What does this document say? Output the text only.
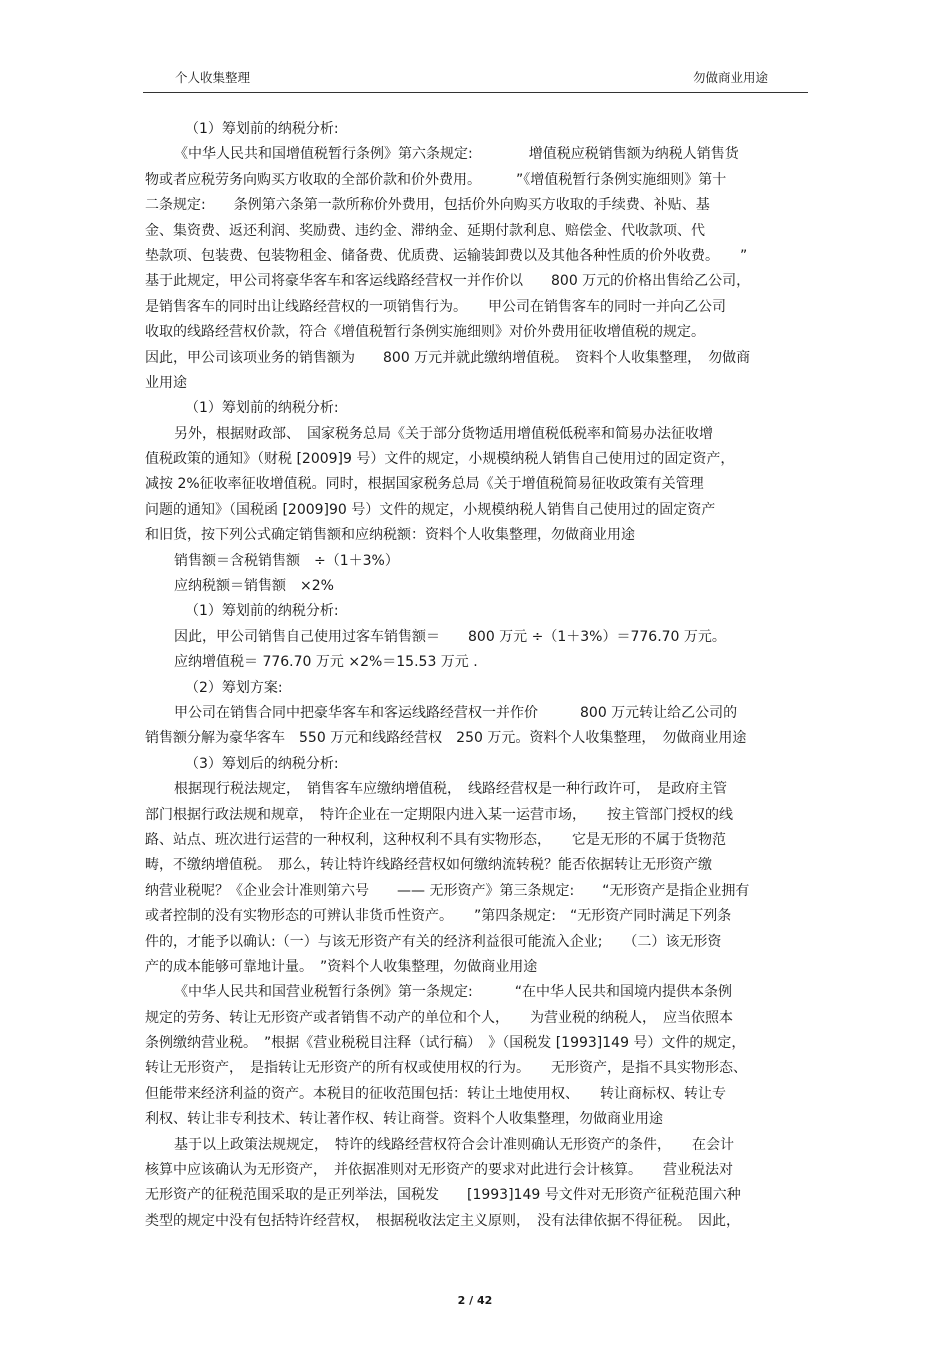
个人收集整理	勿做商业用途
（1）筹划前的纳税分析:
《中华人民共和国增值税暂行条例》第六条规定:　　　　增值税应税销售额为纳税人销售货
物或者应税劳务向购买方收取的全部价款和价外费用。　　　”《增值税暂行条例实施细则》第十
二条规定:　　条例第六条第一款所称价外费用，包括价外向购买方收取的手续费、补贴、基
金、集资费、返还利润、奖励费、违约金、滞纳金、延期付款利息、赔偿金、代收款项、代
垫款项、包装费、包装物租金、储备费、优质费、运输装卸费以及其他各种性质的价外收费。　　”
基于此规定，甲公司将豪华客车和客运线路经营权一并作价以　　800 万元的价格出售给乙公司，
是销售客车的同时出让线路经营权的一项销售行为。　　甲公司在销售客车的同时一并向乙公司
收取的线路经营权价款，符合《增值税暂行条例实施细则》对价外费用征收增值税的规定。
因此，甲公司该项业务的销售额为　　800 万元并就此缴纳增值税。　资料个人收集整理，　勿做商
业用途
（1）筹划前的纳税分析:
另外，根据财政部、　国家税务总局《关于部分货物适用增值税低税率和简易办法征收增
值税政策的通知》（财税 [2009]9 号）文件的规定，小规模纳税人销售自己使用过的固定资产，
减按 2%征收率征收增值税。同时，根据国家税务总局《关于增值税简易征收政策有关管理
问题的通知》（国税函 [2009]90 号）文件的规定，小规模纳税人销售自己使用过的固定资产
和旧货，按下列公式确定销售额和应纳税额：资料个人收集整理，勿做商业用途
销售额＝含税销售额　÷（1＋3%）
应纳税额＝销售额　×2%
（1）筹划前的纳税分析:
因此，甲公司销售自己使用过客车销售额＝　　800 万元 ÷（1＋3%）＝776.70 万元。
应纳增值税＝ 776.70 万元 ×2%＝15.53 万元 .
（2）筹划方案:
甲公司在销售合同中把豪华客车和客运线路经营权一并作价　　　800 万元转让给乙公司的
销售额分解为豪华客车　550 万元和线路经营权　250 万元。资料个人收集整理，　勿做商业用途
（3）筹划后的纳税分析:
根据现行税法规定，　销售客车应缴纳增值税，　线路经营权是一种行政许可，　是政府主管
部门根据行政法规和规章，　特许企业在一定期限内进入某一运营市场，　　按主管部门授权的线
路、站点、班次进行运营的一种权利，这种权利不具有实物形态，　　它是无形的不属于货物范
畴，不缴纳增值税。　那么，转让特许线路经营权如何缴纳流转税？能否依据转让无形资产缴
纳营业税呢？《企业会计准则第六号　　—— 无形资产》第三条规定:　　“无形资产是指企业拥有
或者控制的没有实物形态的可辨认非货币性资产。　　”第四条规定:　“无形资产同时满足下列条
件的，才能予以确认:（一）与该无形资产有关的经济利益很可能流入企业;　　（二）该无形资
产的成本能够可靠地计量。　”资料个人收集整理，勿做商业用途
《中华人民共和国营业税暂行条例》第一条规定:　　　“在中华人民共和国境内提供本条例
规定的劳务、转让无形资产或者销售不动产的单位和个人，　　为营业税的纳税人，　应当依照本
条例缴纳营业税。　”根据《营业税税目注释（试行稿）　》（国税发 [1993]149 号）文件的规定，
转让无形资产，　是指转让无形资产的所有权或使用权的行为。　　无形资产，是指不具实物形态、
但能带来经济利益的资产。本税目的征收范围包括：转让土地使用权、　　转让商标权、转让专
利权、转让非专利技术、转让著作权、转让商誉。资料个人收集整理，勿做商业用途
基于以上政策法规规定，　特许的线路经营权符合会计准则确认无形资产的条件，　　在会计
核算中应该确认为无形资产，　并依据准则对无形资产的要求对此进行会计核算。　　营业税法对
无形资产的征税范围采取的是正列举法，国税发　　[1993]149 号文件对无形资产征税范围六种
类型的规定中没有包括特许经营权，　根据税收法定主义原则，　没有法律依据不得征税。　因此，
2 / 42
